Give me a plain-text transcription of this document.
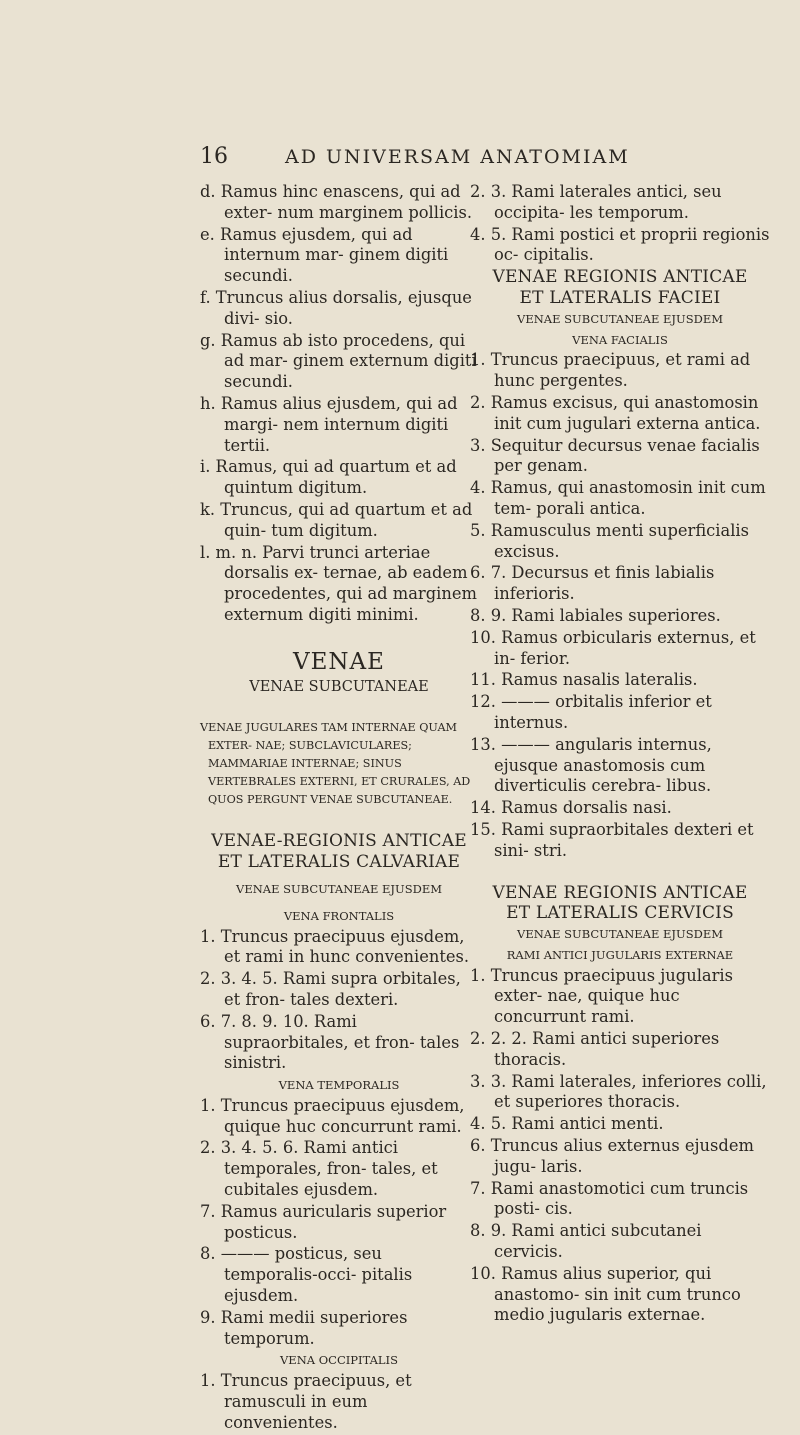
16	AD UNIVERSAM ANATOMIAM

d. Ramus hinc enascens, qui ad exter- num marginem pollicis.

e. Ramus ejusdem, qui ad internum mar- ginem digiti secundi.

f. Truncus alius dorsalis, ejusque divi- sio.

g. Ramus ab isto procedens, qui ad mar- ginem externum digiti secundi.

h. Ramus alius ejusdem, qui ad margi- nem internum digiti tertii.

i. Ramus, qui ad quartum et ad quintum digitum.

k. Truncus, qui ad quartum et ad quin- tum digitum.

l. m. n. Parvi trunci arteriae dorsalis ex- ternae, ab eadem procedentes, qui ad marginem externum digiti minimi.

VENAE

VENAE SUBCUTANEAE

VENAE JUGULARES TAM INTERNAE QUAM EXTER- NAE; SUBCLAVICULARES; MAMMARIAE INTERNAE; SINUS VERTEBRALES EXTERNI, ET CRURALES, AD QUOS PERGUNT VENAE SUBCUTANEAE.

VENAE-REGIONIS ANTICAE

ET LATERALIS CALVARIAE

VENAE SUBCUTANEAE EJUSDEM

VENA FRONTALIS

1. Truncus praecipuus ejusdem, et rami in hunc convenientes.

2. 3. 4. 5. Rami supra orbitales, et fron- tales dexteri.

6. 7. 8. 9. 10. Rami supraorbitales, et fron- tales sinistri.

VENA TEMPORALIS

1. Truncus praecipuus ejusdem, quique huc concurrunt rami.

2. 3. 4. 5. 6. Rami antici temporales, fron- tales, et cubitales ejusdem.

7. Ramus auricularis superior posticus.

8. ——— posticus, seu temporalis-occi- pitalis ejusdem.

9. Rami medii superiores temporum.

VENA OCCIPITALIS

1. Truncus praecipuus, et ramusculi in eum convenientes.

2. 3. Rami laterales antici, seu occipita- les temporum.

4. 5. Rami postici et proprii regionis oc- cipitalis.

VENAE REGIONIS ANTICAE

ET LATERALIS FACIEI

VENAE SUBCUTANEAE EJUSDEM

VENA FACIALIS

1. Truncus praecipuus, et rami ad hunc pergentes.

2. Ramus excisus, qui anastomosin init cum jugulari externa antica.

3. Sequitur decursus venae facialis per genam.

4. Ramus, qui anastomosin init cum tem- porali antica.

5. Ramusculus menti superficialis excisus.

6. 7. Decursus et finis labialis inferioris.

8. 9. Rami labiales superiores.

10. Ramus orbicularis externus, et in- ferior.

11. Ramus nasalis lateralis.

12. ——— orbitalis inferior et internus.

13. ——— angularis internus, ejusque anastomosis cum diverticulis cerebra- libus.

14. Ramus dorsalis nasi.

15. Rami supraorbitales dexteri et sini- stri.

VENAE REGIONIS ANTICAE

ET LATERALIS CERVICIS

VENAE SUBCUTANEAE EJUSDEM

RAMI ANTICI JUGULARIS EXTERNAE

1. Truncus praecipuus jugularis exter- nae, quique huc concurrunt rami.

2. 2. 2. Rami antici superiores thoracis.

3. 3. Rami laterales, inferiores colli, et superiores thoracis.

4. 5. Rami antici menti.

6. Truncus alius externus ejusdem jugu- laris.

7. Rami anastomotici cum truncis posti- cis.

8. 9. Rami antici subcutanei cervicis.

10. Ramus alius superior, qui anastomo- sin init cum trunco medio jugularis externae.
